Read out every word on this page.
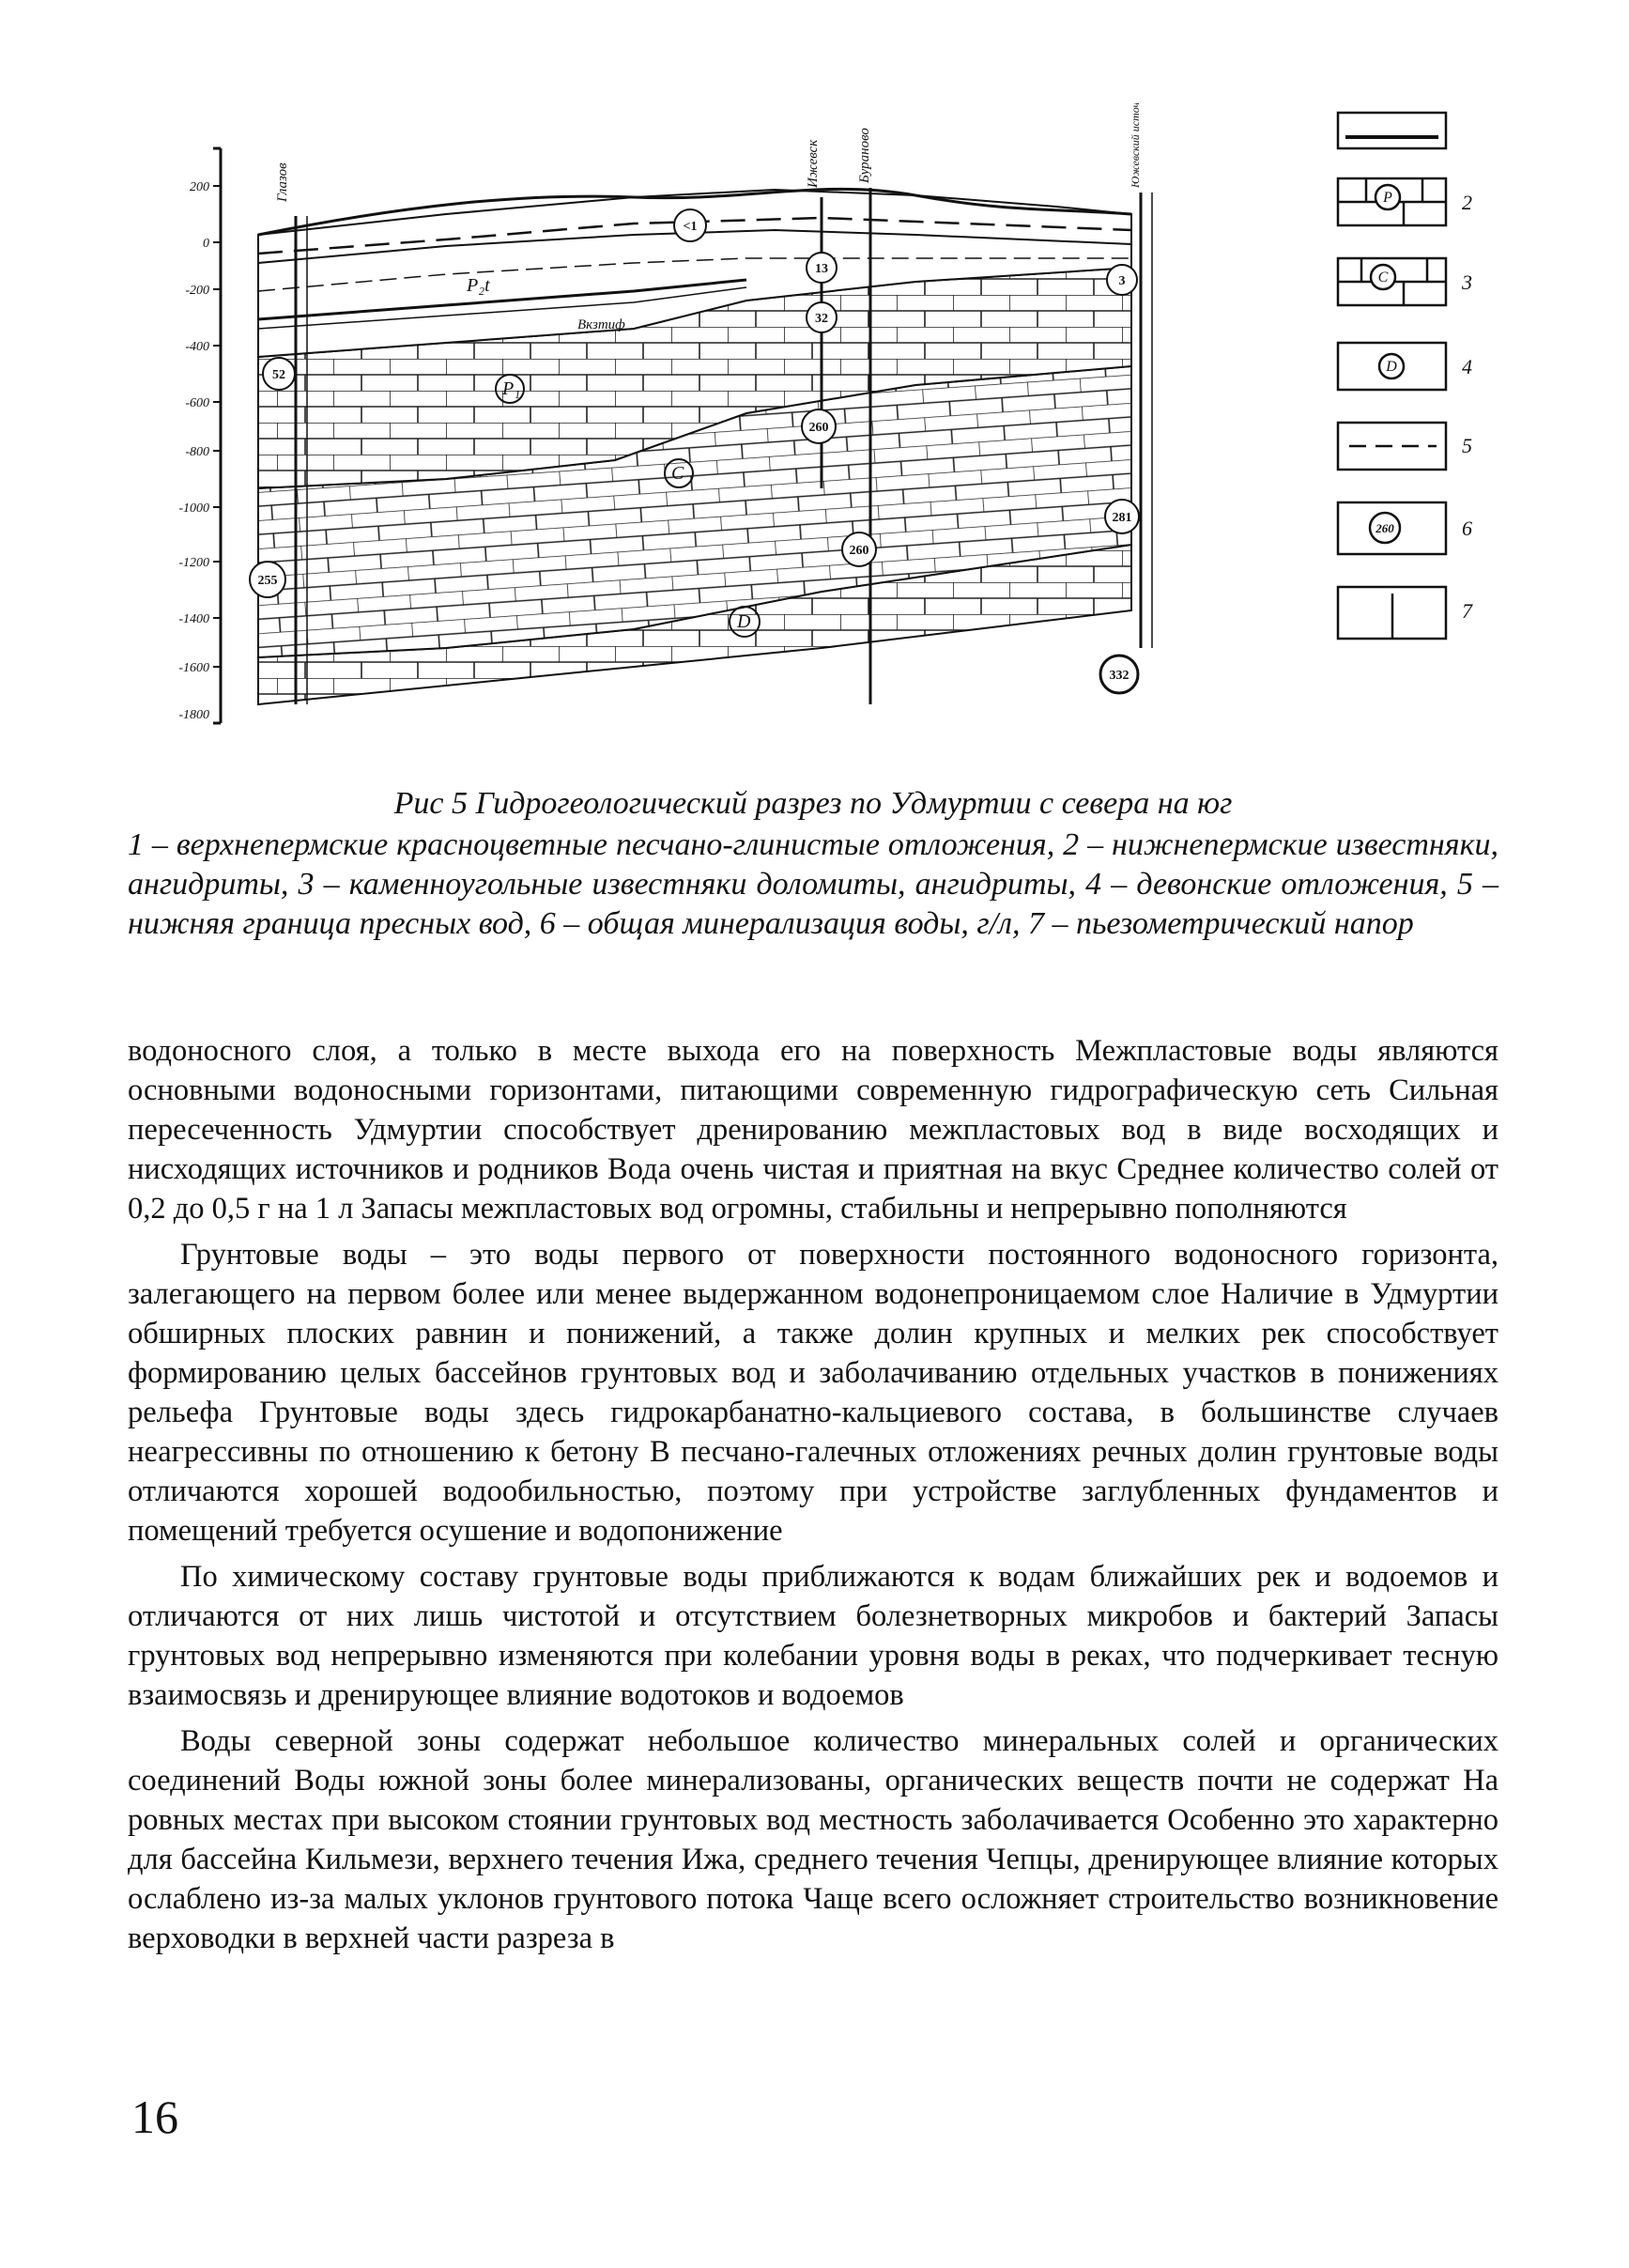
200
0
-200
-400
-600
-800
-1000
-1200
-1400
-1600
-1800
Глазов	Ижевск	Бураново	Южевский источник
P₂t
P₁
C
D
Вкзтиф
<1
13
32
52
260
255
260
281
3
332
P
C
D
260
2
3
4
5
6
7
Рис 5 Гидрогеологический разрез по Удмуртии с севера на юг
1 – верхнепермские красноцветные песчано-глинистые отложения, 2 – нижнепермские известняки, ангидриты, 3 – каменноугольные известняки доломиты, ангидриты, 4 – девонские отложения, 5 – нижняя граница пресных вод, 6 – общая минерализация воды, г/л, 7 – пьезометрический напор

водоносного слоя, а только в месте выхода его на поверхность Межпластовые воды являются основными водоносными горизонтами, питающими современную гидрографическую сеть Сильная пересеченность Удмуртии способствует дренированию межпластовых вод в виде восходящих и нисходящих источников и родников Вода очень чистая и приятная на вкус Среднее количество солей от 0,2 до 0,5 г на 1 л Запасы межпластовых вод огромны, стабильны и непрерывно пополняются

Грунтовые воды – это воды первого от поверхности постоянного водоносного горизонта, залегающего на первом более или менее выдержанном водонепроницаемом слое Наличие в Удмуртии обширных плоских равнин и понижений, а также долин крупных и мелких рек способствует формированию целых бассейнов грунтовых вод и заболачиванию отдельных участков в понижениях рельефа Грунтовые воды здесь гидрокарбанатно-кальциевого состава, в большинстве случаев неагрессивны по отношению к бетону В песчано-галечных отложениях речных долин грунтовые воды отличаются хорошей водообильностью, поэтому при устройстве заглубленных фундаментов и помещений требуется осушение и водопонижение

По химическому составу грунтовые воды приближаются к водам ближайших рек и водоемов и отличаются от них лишь чистотой и отсутствием болезнетворных микробов и бактерий Запасы грунтовых вод непрерывно изменяются при колебании уровня воды в реках, что подчеркивает тесную взаимосвязь и дренирующее влияние водотоков и водоемов

Воды северной зоны содержат небольшое количество минеральных солей и органических соединений Воды южной зоны более минерализованы, органических веществ почти не содержат На ровных местах при высоком стоянии грунтовых вод местность заболачивается Особенно это характерно для бассейна Кильмези, верхнего течения Ижа, среднего течения Чепцы, дренирующее влияние которых ослаблено из-за малых уклонов грунтового потока Чаще всего осложняет строительство возникновение верховодки в верхней части разреза в

16
